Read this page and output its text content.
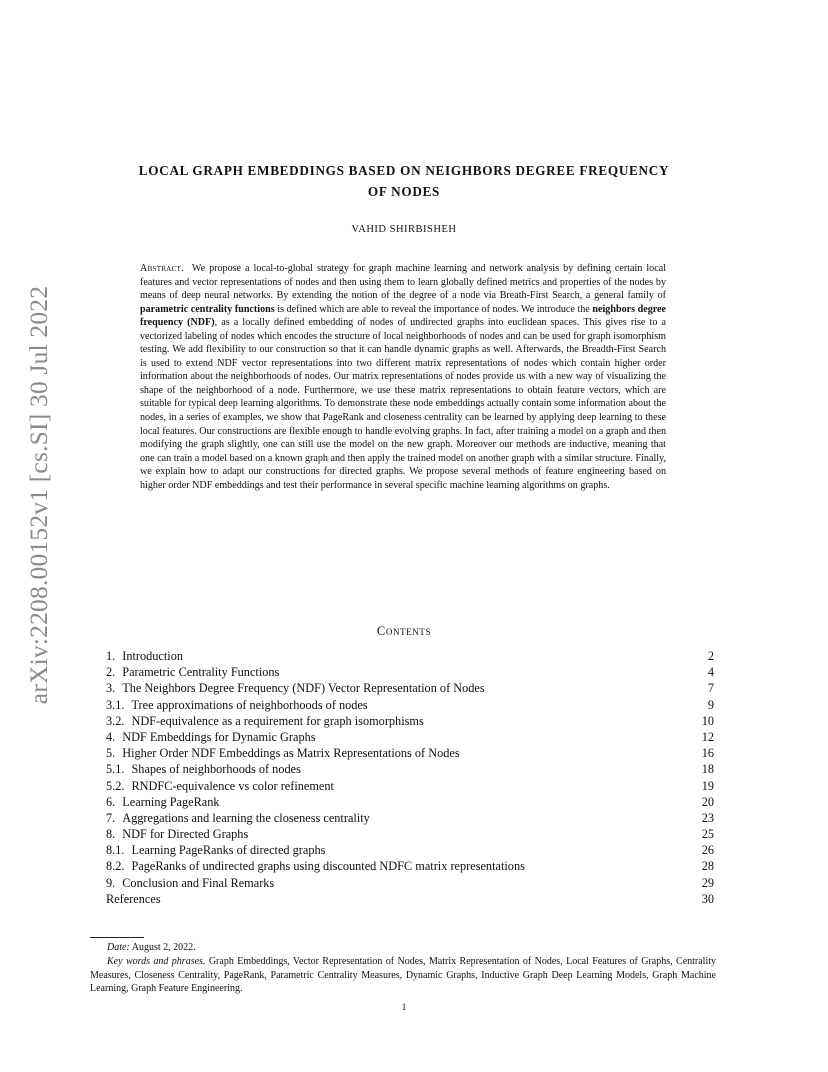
arXiv:2208.00152v1 [cs.SI] 30 Jul 2022
LOCAL GRAPH EMBEDDINGS BASED ON NEIGHBORS DEGREE FREQUENCY
OF NODES
VAHID SHIRBISHEH
Abstract. We propose a local-to-global strategy for graph machine learning and network analysis by defining certain local features and vector representations of nodes and then using them to learn globally defined metrics and properties of the nodes by means of deep neural networks. By extending the notion of the degree of a node via Breath-First Search, a general family of parametric centrality functions is defined which are able to reveal the importance of nodes. We introduce the neighbors degree frequency (NDF), as a locally defined embedding of nodes of undirected graphs into euclidean spaces. This gives rise to a vectorized labeling of nodes which encodes the structure of local neighborhoods of nodes and can be used for graph isomorphism testing. We add flexibility to our construction so that it can handle dynamic graphs as well. Afterwards, the Breadth-First Search is used to extend NDF vector representations into two different matrix representations of nodes which contain higher order information about the neighborhoods of nodes. Our matrix representations of nodes provide us with a new way of visualizing the shape of the neighborhood of a node. Furthermore, we use these matrix representations to obtain feature vectors, which are suitable for typical deep learning algorithms. To demonstrate these node embeddings actually contain some information about the nodes, in a series of examples, we show that PageRank and closeness centrality can be learned by applying deep learning to these local features. Our constructions are flexible enough to handle evolving graphs. In fact, after training a model on a graph and then modifying the graph slightly, one can still use the model on the new graph. Moreover our methods are inductive, meaning that one can train a model based on a known graph and then apply the trained model on another graph with a similar structure. Finally, we explain how to adapt our constructions for directed graphs. We propose several methods of feature engineering based on higher order NDF embeddings and test their performance in several specific machine learning algorithms on graphs.
Contents
1. Introduction	2
2. Parametric Centrality Functions	4
3. The Neighbors Degree Frequency (NDF) Vector Representation of Nodes	7
3.1. Tree approximations of neighborhoods of nodes	9
3.2. NDF-equivalence as a requirement for graph isomorphisms	10
4. NDF Embeddings for Dynamic Graphs	12
5. Higher Order NDF Embeddings as Matrix Representations of Nodes	16
5.1. Shapes of neighborhoods of nodes	18
5.2. RNDFC-equivalence vs color refinement	19
6. Learning PageRank	20
7. Aggregations and learning the closeness centrality	23
8. NDF for Directed Graphs	25
8.1. Learning PageRanks of directed graphs	26
8.2. PageRanks of undirected graphs using discounted NDFC matrix representations	28
9. Conclusion and Final Remarks	29
References	30
Date: August 2, 2022.
Key words and phrases. Graph Embeddings, Vector Representation of Nodes, Matrix Representation of Nodes, Local Features of Graphs, Centrality Measures, Closeness Centrality, PageRank, Parametric Centrality Measures, Dynamic Graphs, Inductive Graph Deep Learning Models, Graph Machine Learning, Graph Feature Engineering.
1
